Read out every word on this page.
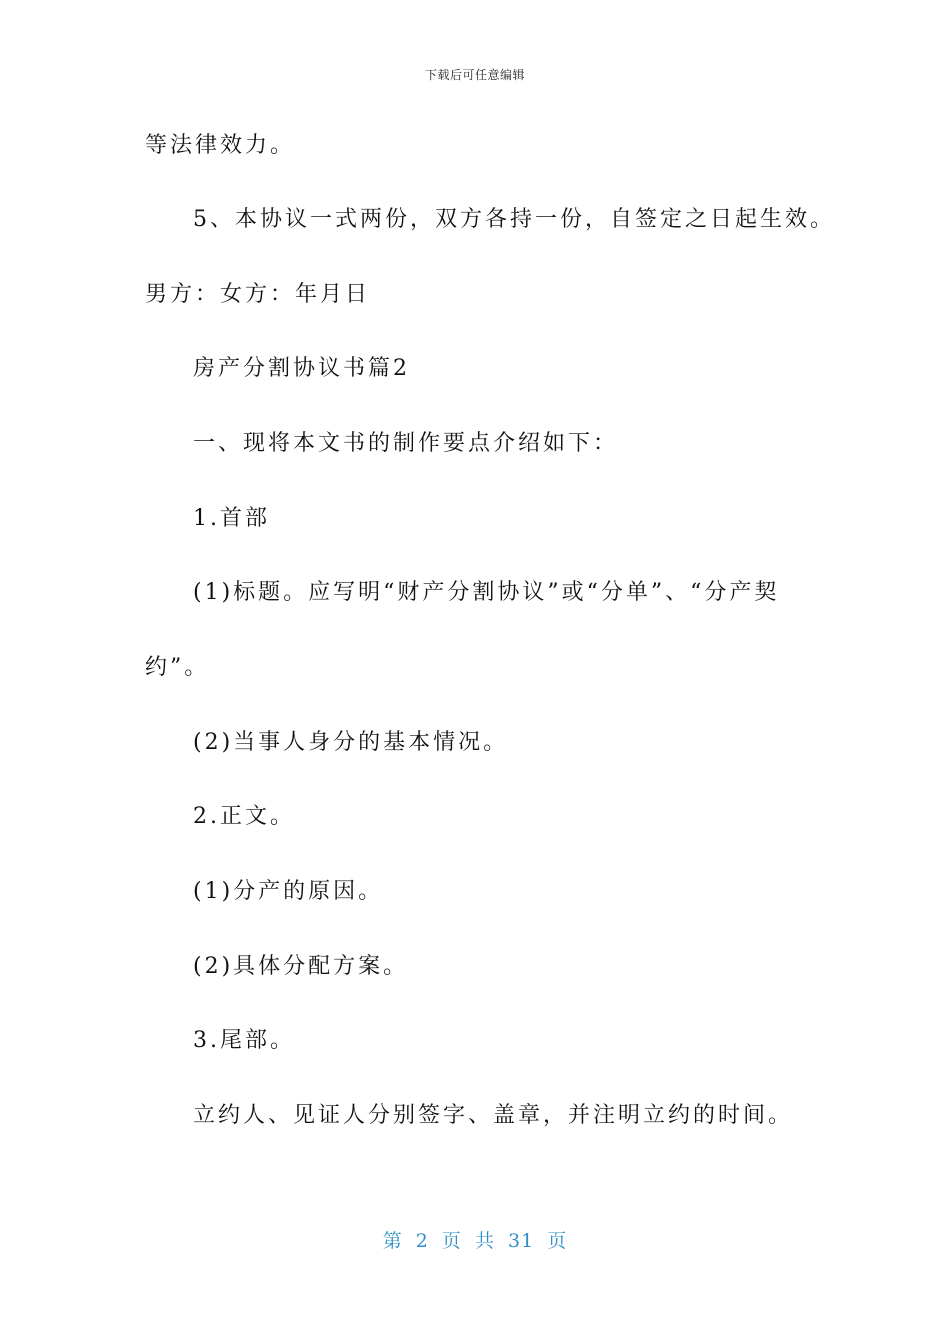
下载后可任意编辑
等法律效力。
5、本协议一式两份，双方各持一份，自签定之日起生效。
男方：女方：年月日
房产分割协议书篇2
一、现将本文书的制作要点介绍如下：
1.首部
(1)标题。应写明“财产分割协议”或“分单”、“分产契
约”。
(2)当事人身分的基本情况。
2.正文。
(1)分产的原因。
(2)具体分配方案。
3.尾部。
立约人、见证人分别签字、盖章，并注明立约的时间。
第 2 页 共 31 页
